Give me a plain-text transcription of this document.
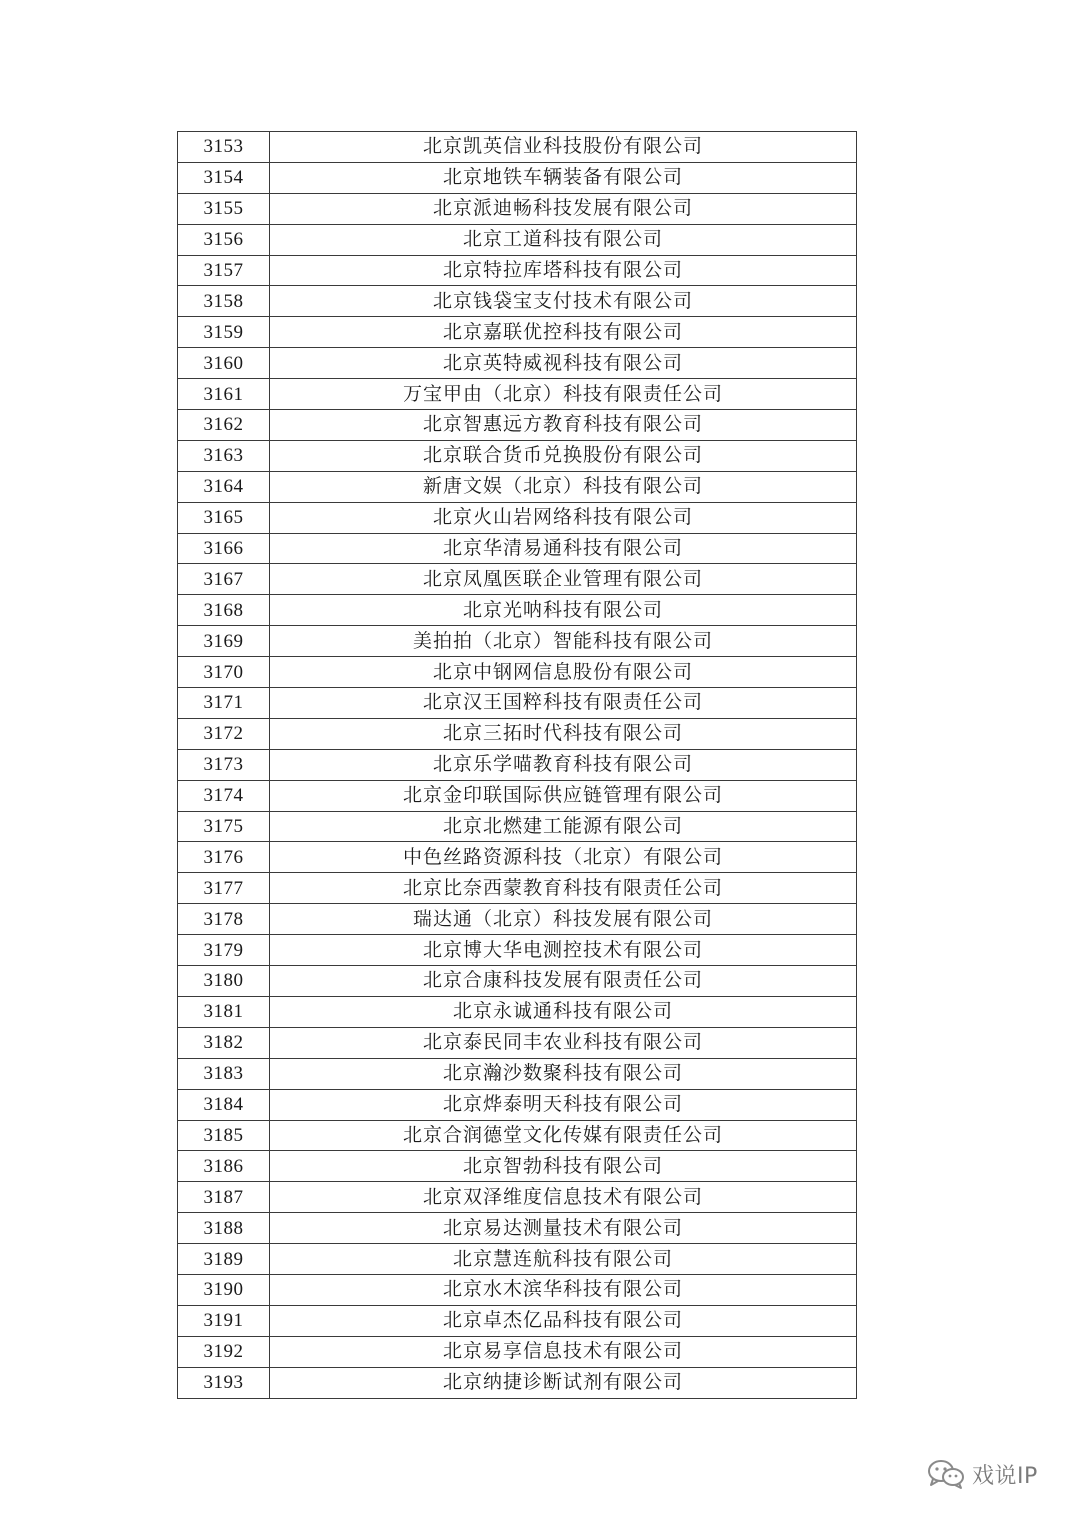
3153	北京凯英信业科技股份有限公司
3154	北京地铁车辆装备有限公司
3155	北京派迪畅科技发展有限公司
3156	北京工道科技有限公司
3157	北京特拉库塔科技有限公司
3158	北京钱袋宝支付技术有限公司
3159	北京嘉联优控科技有限公司
3160	北京英特威视科技有限公司
3161	万宝甲由（北京）科技有限责任公司
3162	北京智惠远方教育科技有限公司
3163	北京联合货币兑换股份有限公司
3164	新唐文娱（北京）科技有限公司
3165	北京火山岩网络科技有限公司
3166	北京华清易通科技有限公司
3167	北京凤凰医联企业管理有限公司
3168	北京光呐科技有限公司
3169	美拍拍（北京）智能科技有限公司
3170	北京中钢网信息股份有限公司
3171	北京汉王国粹科技有限责任公司
3172	北京三拓时代科技有限公司
3173	北京乐学喵教育科技有限公司
3174	北京金印联国际供应链管理有限公司
3175	北京北燃建工能源有限公司
3176	中色丝路资源科技（北京）有限公司
3177	北京比奈西蒙教育科技有限责任公司
3178	瑞达通（北京）科技发展有限公司
3179	北京博大华电测控技术有限公司
3180	北京合康科技发展有限责任公司
3181	北京永诚通科技有限公司
3182	北京泰民同丰农业科技有限公司
3183	北京瀚沙数聚科技有限公司
3184	北京烨泰明天科技有限公司
3185	北京合润德堂文化传媒有限责任公司
3186	北京智勃科技有限公司
3187	北京双泽维度信息技术有限公司
3188	北京易达测量技术有限公司
3189	北京慧连航科技有限公司
3190	北京水木滨华科技有限公司
3191	北京卓杰亿品科技有限公司
3192	北京易享信息技术有限公司
3193	北京纳捷诊断试剂有限公司
戏说IP
